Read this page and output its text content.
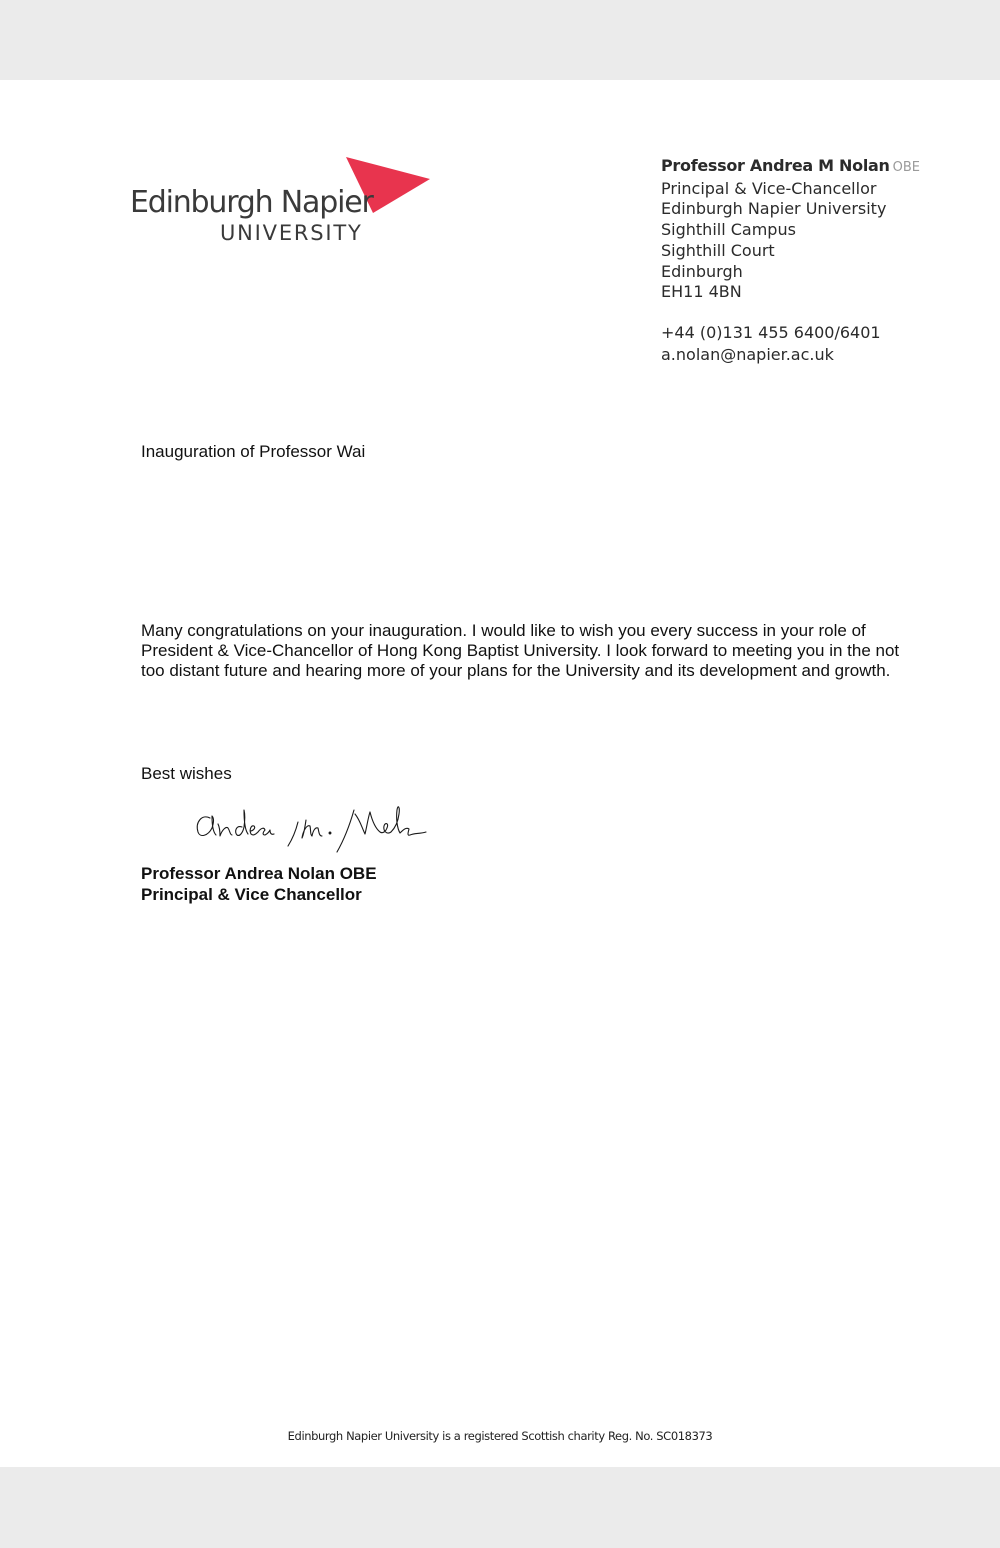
Edinburgh Napier
UNIVERSITY
Professor Andrea M Nolan OBE
Principal & Vice-Chancellor
Edinburgh Napier University
Sighthill Campus
Sighthill Court
Edinburgh
EH11 4BN
+44 (0)131 455 6400/6401
a.nolan@napier.ac.uk
Inauguration of Professor Wai
Many congratulations on your inauguration. I would like to wish you every success in your role of President & Vice-Chancellor of Hong Kong Baptist University. I look forward to meeting you in the not too distant future and hearing more of your plans for the University and its development and growth.
Best wishes
Professor Andrea Nolan OBE
Principal & Vice Chancellor
Edinburgh Napier University is a registered Scottish charity Reg. No. SC018373
